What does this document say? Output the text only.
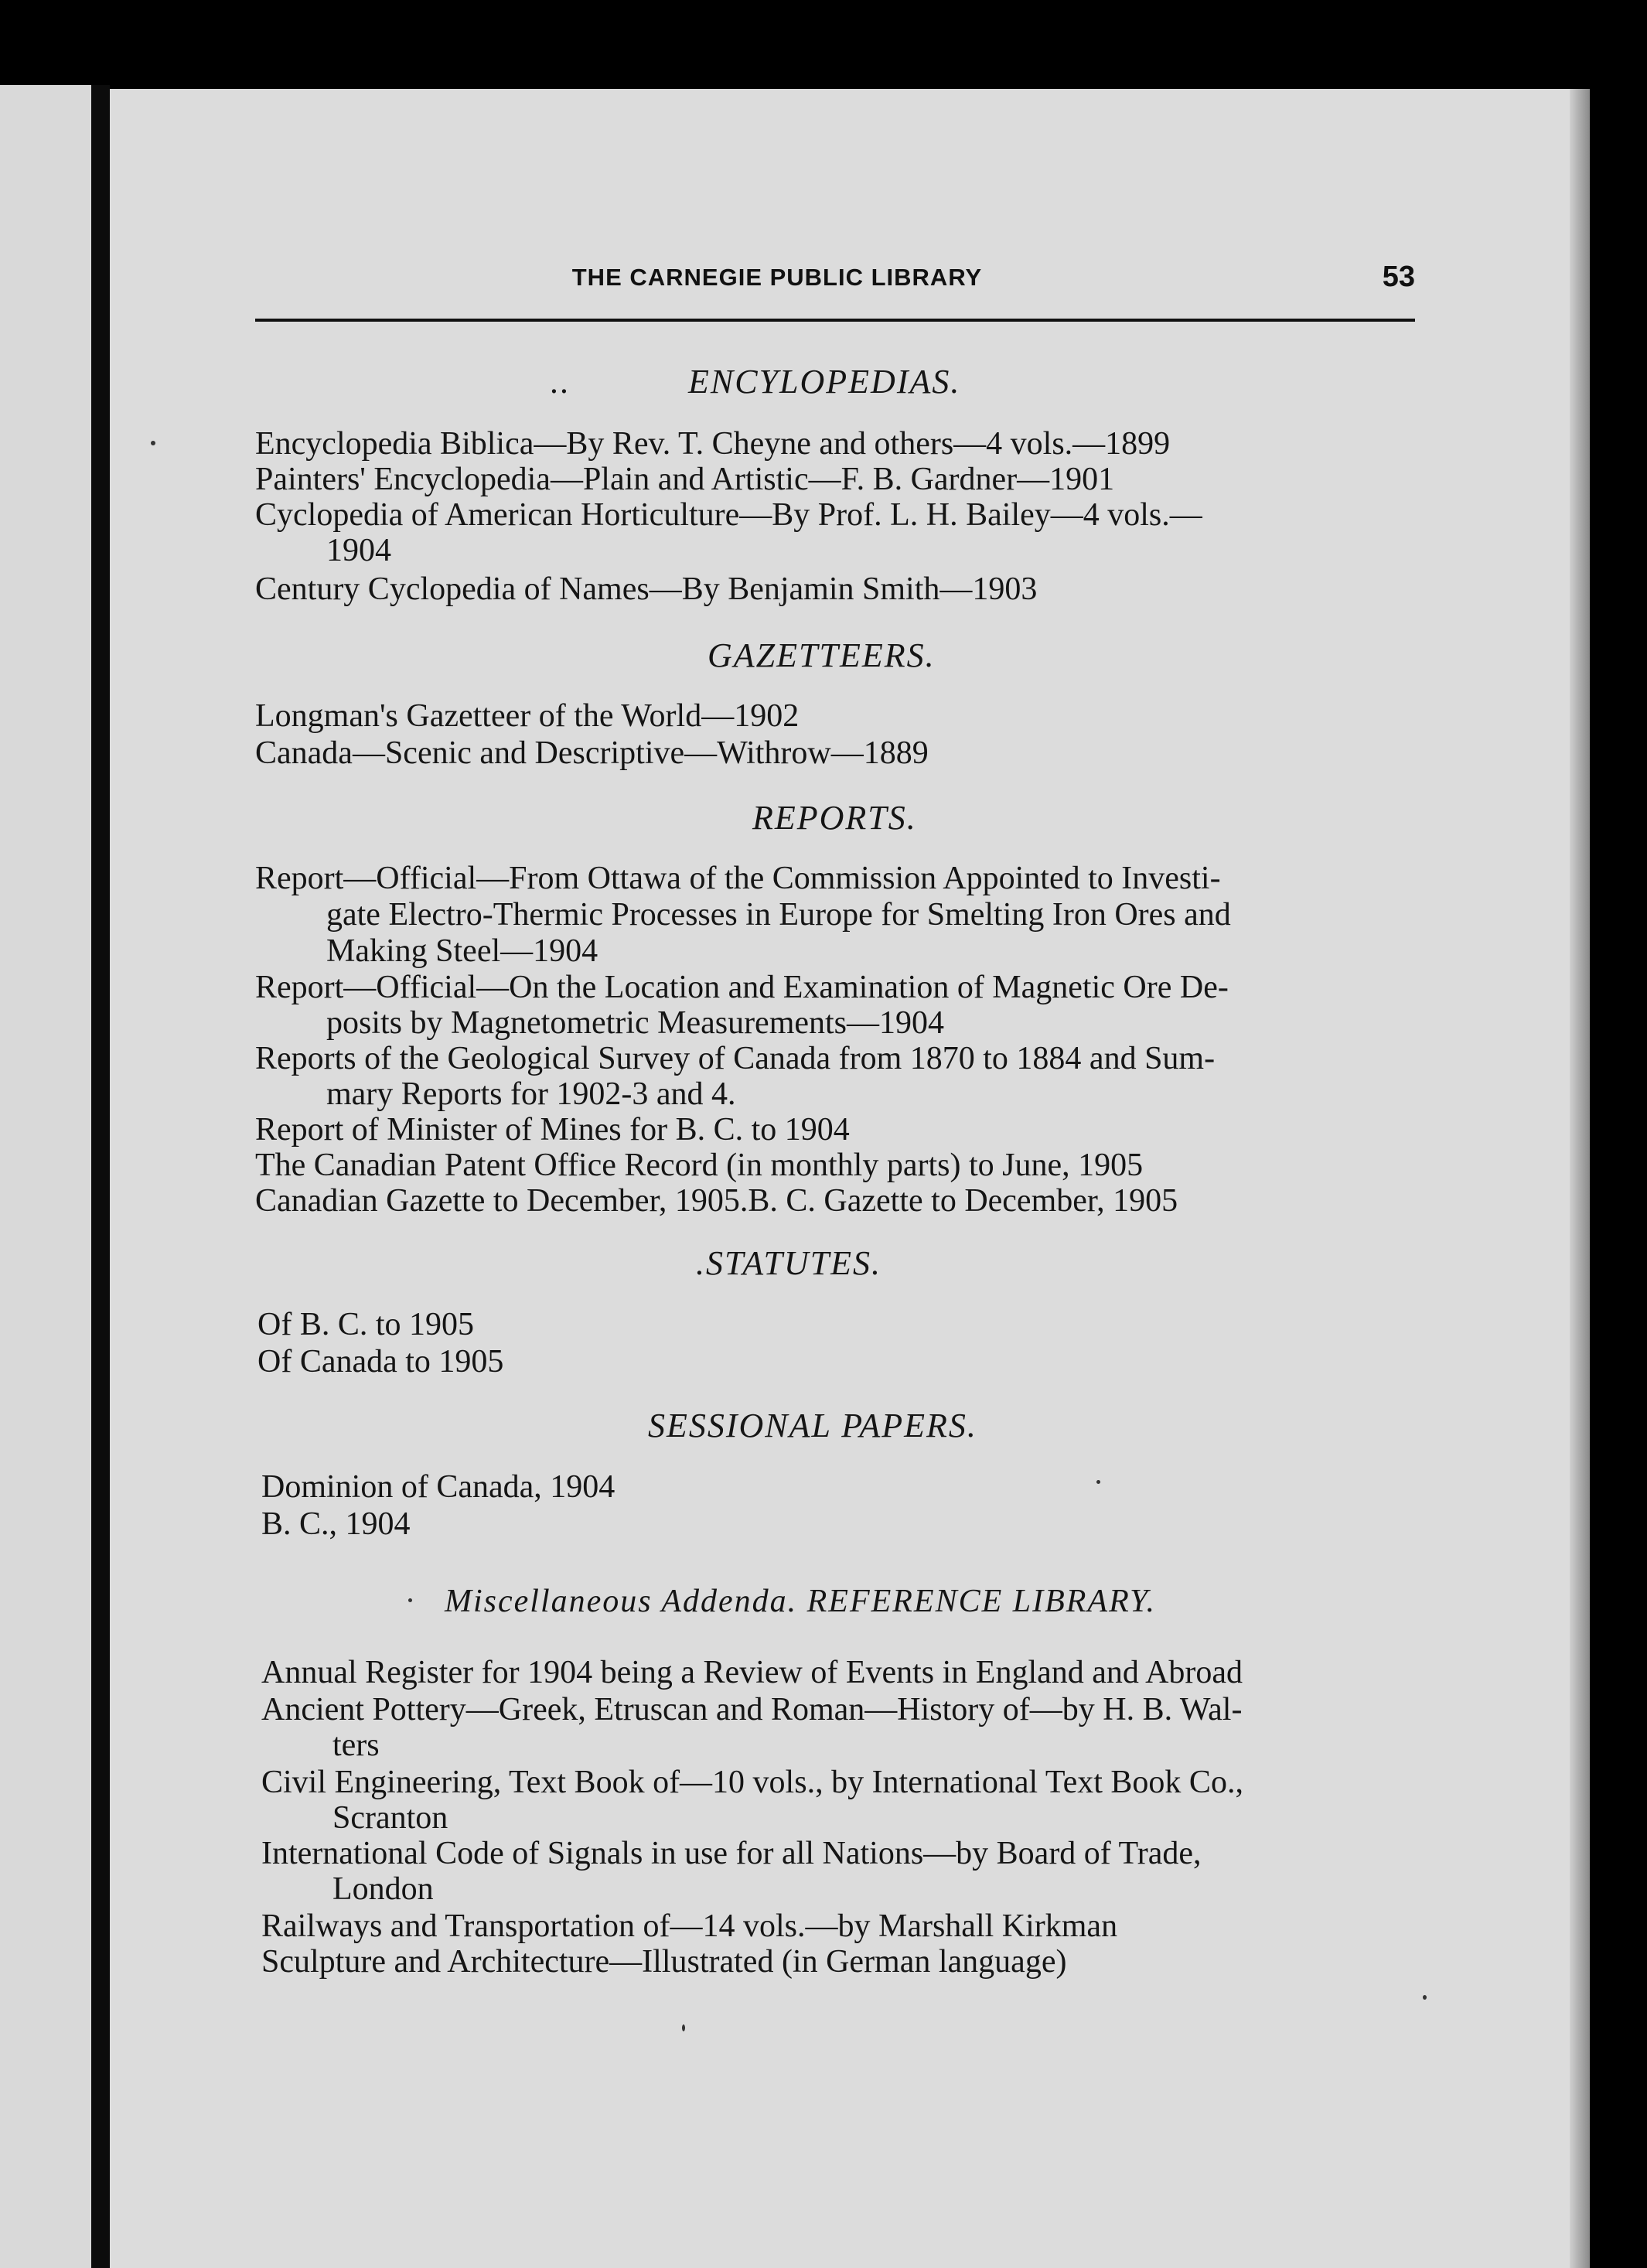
THE CARNEGIE PUBLIC LIBRARY	53
..	ENCYLOPEDIAS.
Encyclopedia Biblica—By Rev. T. Cheyne and others—4 vols.—1899
Painters' Encyclopedia—Plain and Artistic—F. B. Gardner—1901
Cyclopedia of American Horticulture—By Prof. L. H. Bailey—4 vols.—
1904
Century Cyclopedia of Names—By Benjamin Smith—1903
GAZETTEERS.
Longman's Gazetteer of the World—1902
Canada—Scenic and Descriptive—Withrow—1889
REPORTS.
Report—Official—From Ottawa of the Commission Appointed to Investi-
gate Electro-Thermic Processes in Europe for Smelting Iron Ores and
Making Steel—1904
Report—Official—On the Location and Examination of Magnetic Ore De-
posits by Magnetometric Measurements—1904
Reports of the Geological Survey of Canada from 1870 to 1884 and Sum-
mary Reports for 1902-3 and 4.
Report of Minister of Mines for B. C. to 1904
The Canadian Patent Office Record (in monthly parts) to June, 1905
Canadian Gazette to December, 1905.B. C. Gazette to December, 1905
.STATUTES.
Of B. C. to 1905
Of Canada to 1905
SESSIONAL PAPERS.
Dominion of Canada, 1904
B. C., 1904
Miscellaneous Addenda. REFERENCE LIBRARY.
Annual Register for 1904 being a Review of Events in England and Abroad
Ancient Pottery—Greek, Etruscan and Roman—History of—by H. B. Wal-
ters
Civil Engineering, Text Book of—10 vols., by International Text Book Co.,
Scranton
International Code of Signals in use for all Nations—by Board of Trade,
London
Railways and Transportation of—14 vols.—by Marshall Kirkman
Sculpture and Architecture—Illustrated (in German language)
